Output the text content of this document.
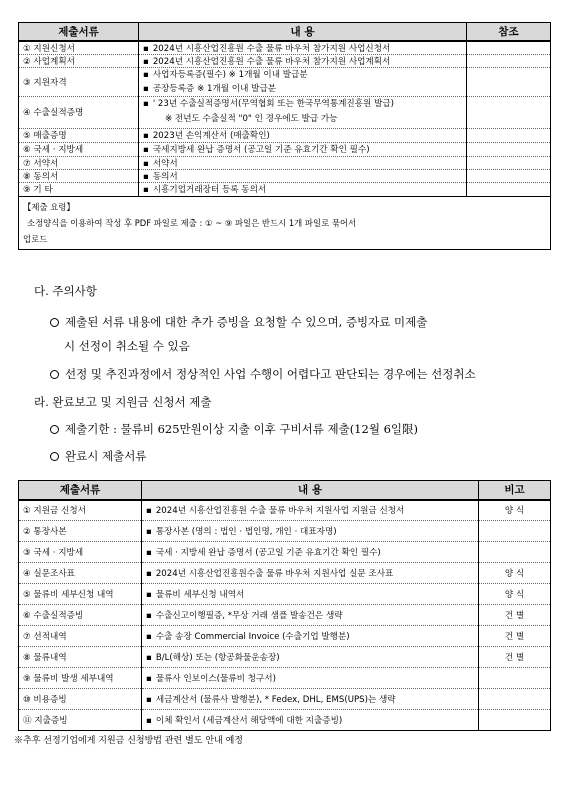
제출서류	내 용	참조
① 지원신청서	▪ 2024년 시흥산업진흥원 수출 물류 바우처 참가지원 사업신청서	
② 사업계획서	▪ 2024년 시흥산업진흥원 수출 물류 바우처 참가지원 사업계획서	
③ 지원자격	▪ 사업자등록증(필수) ※ 1개월 이내 발급분
▪ 공장등록증 ※ 1개월 이내 발급분

④ 수출실적증명	▪ ' 23년 수출실적증명서(무역협회 또는 한국무역통계진흥원 발급)
※ 전년도 수출실적 "0" 인 경우에도 발급 가능

⑤ 매출증명	▪ 2023년 손익계산서 (매출확인)	
⑥ 국세 · 지방세	▪ 국세지방세 완납 증명서 (공고일 기준 유효기간 확인 필수)	
⑦ 서약서	▪ 서약서	
⑧ 동의서	▪ 동의서	
⑨ 기 타	▪ 시흥기업거래장터 등록 동의서	

【제출 요령】
소정양식을 이용하여 작성 후 PDF 파일로 제출 : ① ~ ⑨ 파일은 반드시 1개 파일로 묶어서
업로드		
다. 주의사항
제출된 서류 내용에 대한 추가 증빙을 요청할 수 있으며, 증빙자료 미제출
시 선정이 취소될 수 있음
선정 및 추진과정에서 정상적인 사업 수행이 어렵다고 판단되는 경우에는 선정취소
라. 완료보고 및 지원금 신청서 제출
제출기한 : 물류비 625만원이상 지출 이후 구비서류 제출(12월 6일限)
완료시 제출서류
제출서류	내 용	비고
① 지원금 신청서	▪ 2024년 시흥산업진흥원 수출 물류 바우처 지원사업 지원금 신청서	양 식
② 통장사본	▪ 통장사본 (명의 : 법인 · 법인명, 개인 · 대표자명)	
③ 국세 · 지방세	▪ 국세 · 지방세 완납 증명서 (공고일 기준 유효기간 확인 필수)	
④ 실문조사표	▪ 2024년 시흥산업진흥원수출 물류 바우처 지원사업 실문 조사표	양 식
⑤ 물류비 세부신청 내역	▪ 물류비 세부신청 내역서	양 식
⑥ 수출실적증빙	▪ 수출신고이행필증, *무상 거래 샘플 발송건은 생략	건 별
⑦ 선적내역	▪ 수출 송장 Commercial Invoice (수출기업 발행분)	건 별
⑧ 물류내역	▪ B/L(해상) 또는 (항공화물운송장)	건 별
⑨ 물류비 발생 세부내역	▪ 물류사 인보이스(물류비 청구서)	
⑩ 비용증빙	▪ 세금계산서 (물류사 발행분), * Fedex, DHL, EMS(UPS)는 생략	
⑪ 지출증빙	▪ 이체 확인서 (세금계산서 해당액에 대한 지출증빙)	
※추후 선정기업에게 지원금 신청방법 관련 별도 안내 예정
